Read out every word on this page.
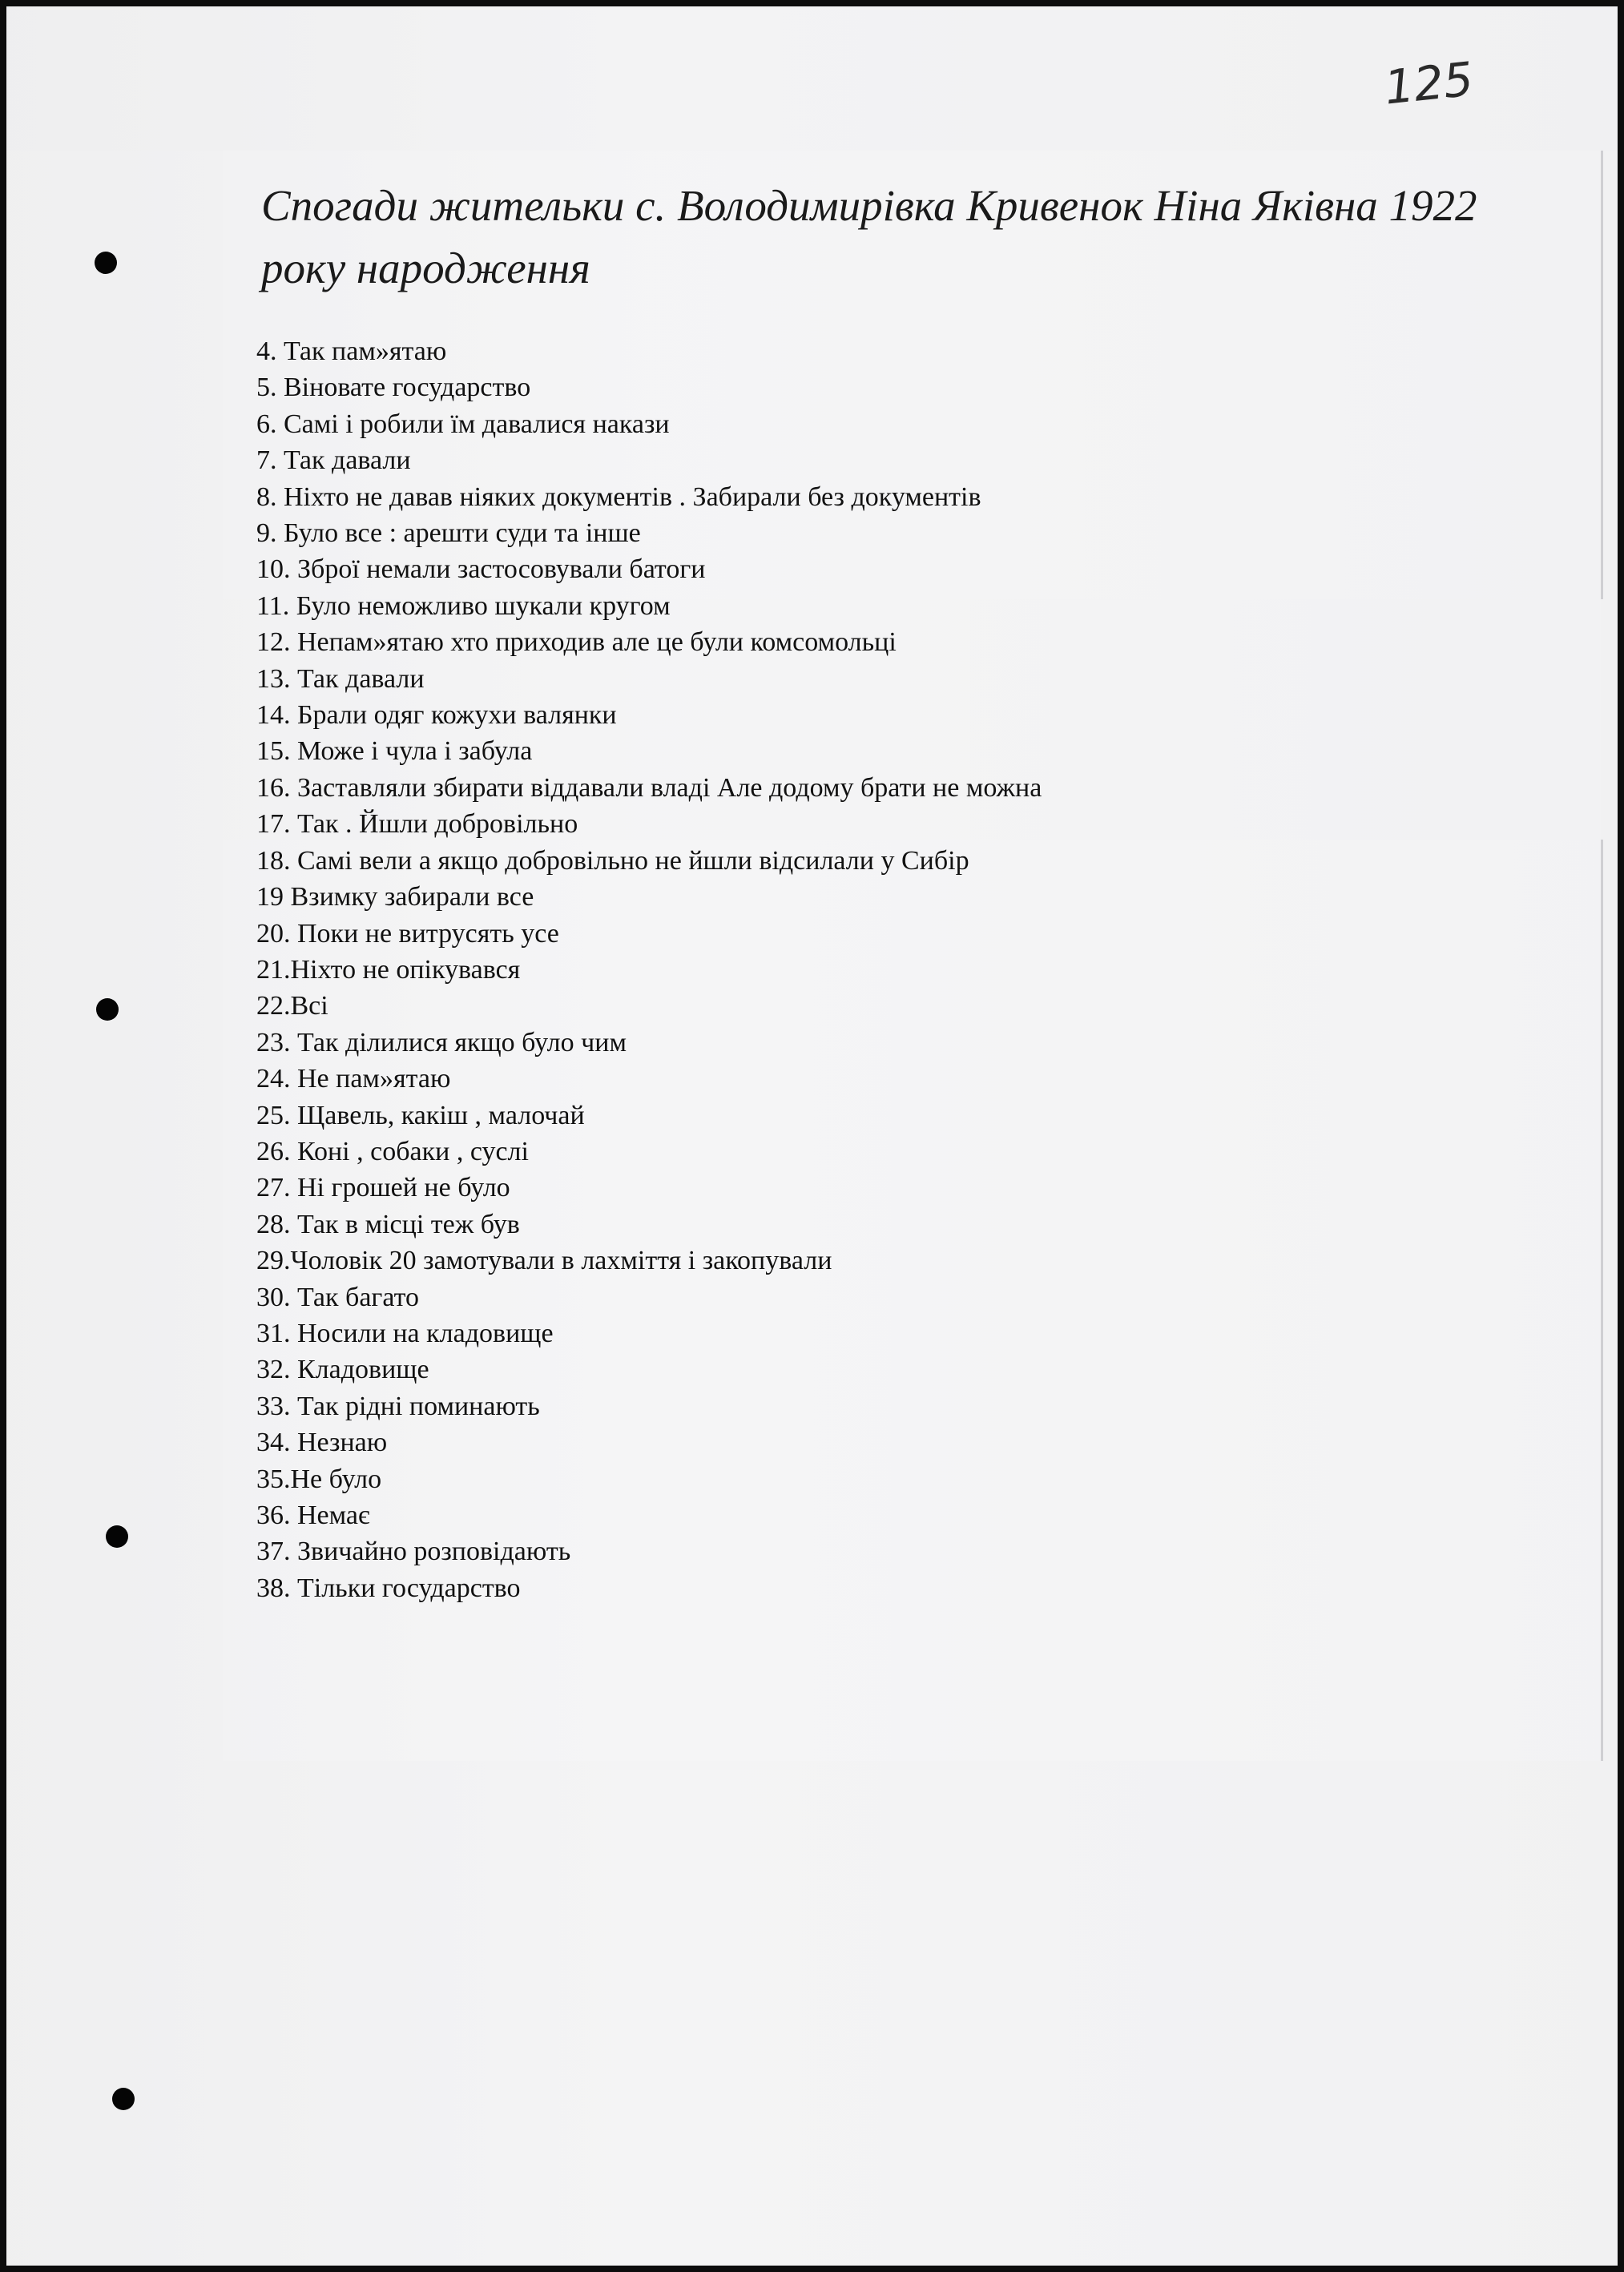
125
Спогади жительки с. Володимирівка Кривенок Ніна Яківна 1922 року народження
4. Так пам»ятаю
5. Віновате государство
6. Самі і робили їм давалися накази
7. Так давали
8. Ніхто не давав ніяких документів . Забирали без документів
9. Було все : арешти суди та інше
10. Зброї немали застосовували батоги
11. Було неможливо шукали кругом
12. Непам»ятаю хто приходив але це були комсомольці
13. Так давали
14. Брали одяг кожухи валянки
15. Може і чула і забула
16. Заставляли збирати віддавали владі Але додому брати не можна
17. Так . Йшли добровільно
18. Самі вели а якщо добровільно не йшли відсилали у Сибір
19 Взимку забирали все
20. Поки не витрусять усе
21.Ніхто не опікувався
22.Всі
23. Так ділилися якщо було чим
24. Не пам»ятаю
25. Щавель, какіш , малочай
26. Коні , собаки , суслі
27. Ні грошей не було
28. Так в місці теж був
29.Чоловік 20 замотували в лахміття і закопували
30. Так багато
31. Носили на кладовище
32. Кладовище
33. Так рідні поминають
34. Незнаю
35.Не було
36. Немає
37. Звичайно розповідають
38. Тільки государство
